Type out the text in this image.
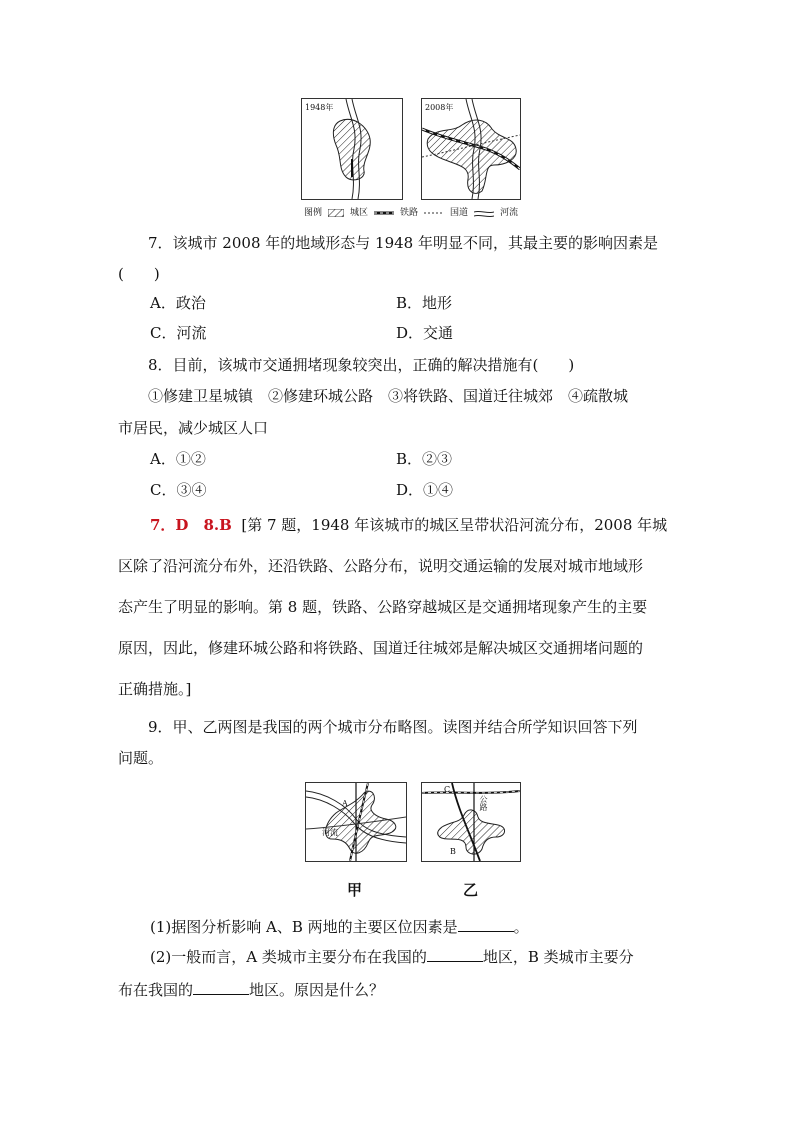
1948年	2008年
图例	城区	铁路	国道	河流
7．该城市 2008 年的地域形态与 1948 年明显不同，其最主要的影响因素是
(　　)
A．政治	B．地形
C．河流	D．交通
8．目前，该城市交通拥堵现象较突出，正确的解决措施有(　　)
①修建卫星城镇　②修建环城公路　③将铁路、国道迁往城郊　④疏散城
市居民，减少城区人口
A．①②	B．②③
C．③④	D．①④
7．D　8.B [第 7 题，1948 年该城市的城区呈带状沿河流分布，2008 年城
区除了沿河流分布外，还沿铁路、公路分布，说明交通运输的发展对城市地域形
态产生了明显的影响。第 8 题，铁路、公路穿越城区是交通拥堵现象产生的主要
原因，因此，修建环城公路和将铁路、国道迁往城郊是解决城区交通拥堵问题的
正确措施。]
9．甲、乙两图是我国的两个城市分布略图。读图并结合所学知识回答下列
问题。
A
河流
C
公路
B
甲	乙
(1)据图分析影响 A、B 两地的主要区位因素是	。
(2)一般而言，A 类城市主要分布在我国的	地区，B 类城市主要分
布在我国的	地区。原因是什么？
